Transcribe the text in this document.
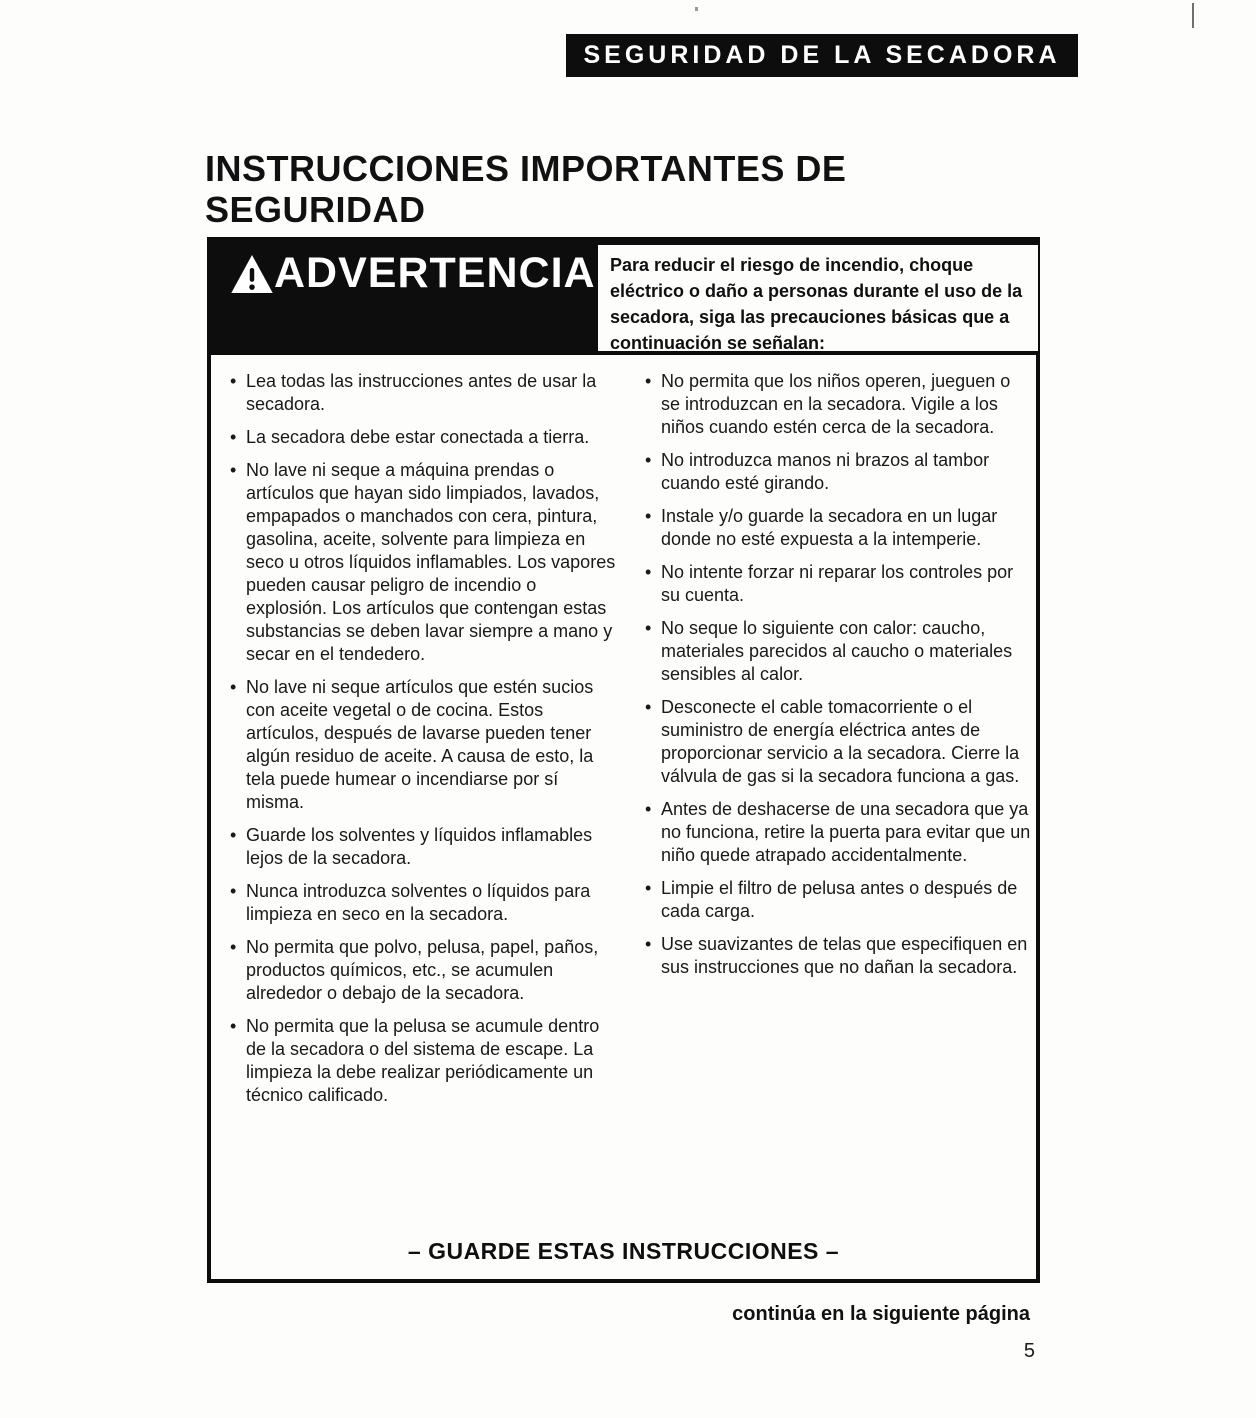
SEGURIDAD DE LA SECADORA
INSTRUCCIONES IMPORTANTES DE SEGURIDAD
ADVERTENCIA Para reducir el riesgo de incendio, choque eléctrico o daño a personas durante el uso de la secadora, siga las precauciones básicas que a continuación se señalan:
• Lea todas las instrucciones antes de usar la secadora.
• La secadora debe estar conectada a tierra.
• No lave ni seque a máquina prendas o artículos que hayan sido limpiados, lavados, empapados o manchados con cera, pintura, gasolina, aceite, solvente para limpieza en seco u otros líquidos inflamables. Los vapores pueden causar peligro de incendio o explosión. Los artículos que contengan estas substancias se deben lavar siempre a mano y secar en el tendedero.
• No lave ni seque artículos que estén sucios con aceite vegetal o de cocina. Estos artículos, después de lavarse pueden tener algún residuo de aceite. A causa de esto, la tela puede humear o incendiarse por sí misma.
• Guarde los solventes y líquidos inflamables lejos de la secadora.
• Nunca introduzca solventes o líquidos para limpieza en seco en la secadora.
• No permita que polvo, pelusa, papel, paños, productos químicos, etc., se acumulen alrededor o debajo de la secadora.
• No permita que la pelusa se acumule dentro de la secadora o del sistema de escape. La limpieza la debe realizar periódicamente un técnico calificado.
• No permita que los niños operen, jueguen o se introduzcan en la secadora. Vigile a los niños cuando estén cerca de la secadora.
• No introduzca manos ni brazos al tambor cuando esté girando.
• Instale y/o guarde la secadora en un lugar donde no esté expuesta a la intemperie.
• No intente forzar ni reparar los controles por su cuenta.
• No seque lo siguiente con calor: caucho, materiales parecidos al caucho o materiales sensibles al calor.
• Desconecte el cable tomacorriente o el suministro de energía eléctrica antes de proporcionar servicio a la secadora. Cierre la válvula de gas si la secadora funciona a gas.
• Antes de deshacerse de una secadora que ya no funciona, retire la puerta para evitar que un niño quede atrapado accidentalmente.
• Limpie el filtro de pelusa antes o después de cada carga.
• Use suavizantes de telas que especifiquen en sus instrucciones que no dañan la secadora.
– GUARDE ESTAS INSTRUCCIONES –
continúa en la siguiente página
5
